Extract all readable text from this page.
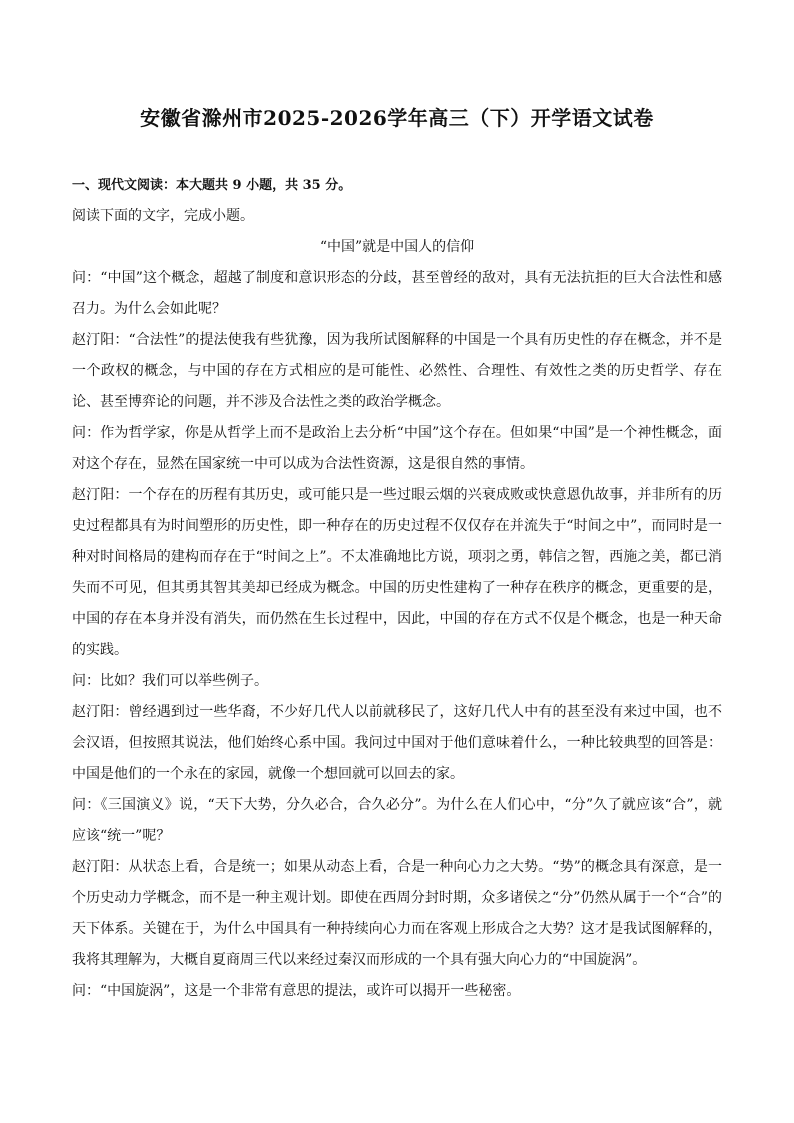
安徽省滁州市2025-2026学年高三（下）开学语文试卷
一、现代文阅读：本大题共 9 小题，共 35 分。
阅读下面的文字，完成小题。
“中国”就是中国人的信仰

问：“中国”这个概念，超越了制度和意识形态的分歧，甚至曾经的敌对，具有无法抗拒的巨大合法性和感召力。为什么会如此呢？

赵汀阳：“合法性”的提法使我有些犹豫，因为我所试图解释的中国是一个具有历史性的存在概念，并不是一个政权的概念，与中国的存在方式相应的是可能性、必然性、合理性、有效性之类的历史哲学、存在论、甚至博弈论的问题，并不涉及合法性之类的政治学概念。

问：作为哲学家，你是从哲学上而不是政治上去分析“中国”这个存在。但如果“中国”是一个神性概念，面对这个存在，显然在国家统一中可以成为合法性资源，这是很自然的事情。

赵汀阳：一个存在的历程有其历史，或可能只是一些过眼云烟的兴衰成败或快意恩仇故事，并非所有的历史过程都具有为时间塑形的历史性，即一种存在的历史过程不仅仅存在并流失于“时间之中”，而同时是一种对时间格局的建构而存在于“时间之上”。不太准确地比方说，项羽之勇，韩信之智，西施之美，都已消失而不可见，但其勇其智其美却已经成为概念。中国的历史性建构了一种存在秩序的概念，更重要的是，中国的存在本身并没有消失，而仍然在生长过程中，因此，中国的存在方式不仅是个概念，也是一种天命的实践。

问：比如？我们可以举些例子。

赵汀阳：曾经遇到过一些华裔，不少好几代人以前就移民了，这好几代人中有的甚至没有来过中国，也不会汉语，但按照其说法，他们始终心系中国。我问过中国对于他们意味着什么，一种比较典型的回答是：中国是他们的一个永在的家园，就像一个想回就可以回去的家。

问：《三国演义》说，“天下大势，分久必合，合久必分”。为什么在人们心中，“分”久了就应该“合”，就应该“统一”呢？

赵汀阳：从状态上看，合是统一；如果从动态上看，合是一种向心力之大势。“势”的概念具有深意，是一个历史动力学概念，而不是一种主观计划。即使在西周分封时期，众多诸侯之“分”仍然从属于一个“合”的天下体系。关键在于，为什么中国具有一种持续向心力而在客观上形成合之大势？这才是我试图解释的，我将其理解为，大概自夏商周三代以来经过秦汉而形成的一个具有强大向心力的“中国旋涡”。

问：“中国旋涡”，这是一个非常有意思的提法，或许可以揭开一些秘密。
